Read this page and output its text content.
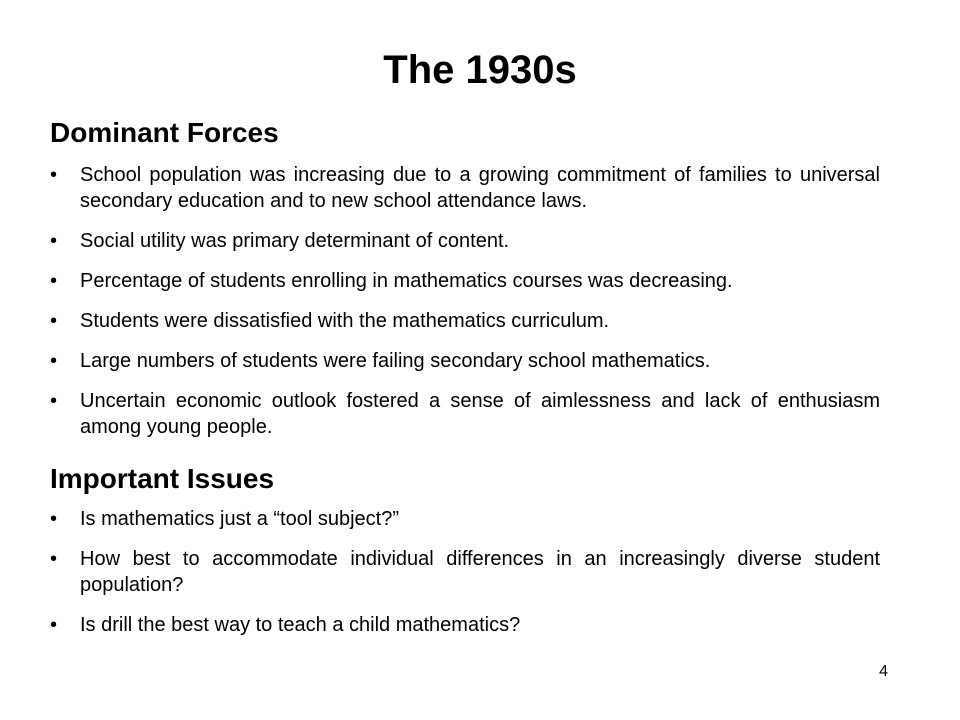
The 1930s
Dominant Forces
•	School population was increasing due to a growing commitment of families to universal secondary education and to new school attendance laws.
•	Social utility was primary determinant of content.
•	Percentage of students enrolling in mathematics courses was decreasing.
•	Students were dissatisfied with the mathematics curriculum.
•	Large numbers of students were failing secondary school mathematics.
•	Uncertain economic outlook fostered a sense of aimlessness and lack of enthusiasm among young people.
Important Issues
•	Is mathematics just a “tool subject?”
•	How best to accommodate individual differences in an increasingly diverse student population?
•	Is drill the best way to teach a child mathematics?
4
